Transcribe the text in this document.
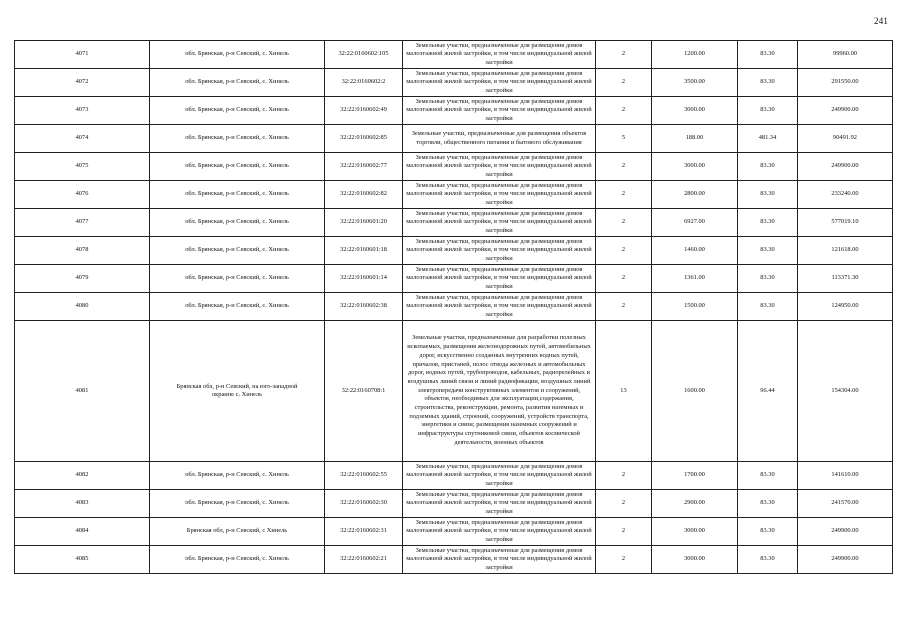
241
4071	обл. Брянская, р-н Севский, с. Хинель	32:22:0160602:105	Земельные участки, предназначенные для размещения домов малоэтажной жилой застройки, в том числе индивидуальной жилой застройки	2	1200.00	83.30	99960.00
4072	обл. Брянская, р-н Севский, с. Хинель	32:22:0160602:2	Земельные участки, предназначенные для размещения домов малоэтажной жилой застройки, в том числе индивидуальной жилой застройки	2	3500.00	83.30	291550.00
4073	обл. Брянская, р-н Севский, с. Хинель	32:22:0160602:49	Земельные участки, предназначенные для размещения домов малоэтажной жилой застройки, в том числе индивидуальной жилой застройки	2	3000.00	83.30	249900.00
4074	обл. Брянская, р-н Севский, с. Хинель	32:22:0160602:85	Земельные участки, предназначенные для размещения объектов торговли, общественного питания и бытового обслуживания	5	188.00	481.34	90491.92
4075	обл. Брянская, р-н Севский, с. Хинель	32:22:0160602:77	Земельные участки, предназначенные для размещения домов малоэтажной жилой застройки, в том числе индивидуальной жилой застройки	2	3000.00	83.30	249900.00
4076	обл. Брянская, р-н Севский, с. Хинель	32:22:0160602:82	Земельные участки, предназначенные для размещения домов малоэтажной жилой застройки, в том числе индивидуальной жилой застройки	2	2800.00	83.30	233240.00
4077	обл. Брянская, р-н Севский, с. Хинель	32:22:0160601:20	Земельные участки, предназначенные для размещения домов малоэтажной жилой застройки, в том числе индивидуальной жилой застройки	2	6927.00	83.30	577019.10
4078	обл. Брянская, р-н Севский, с. Хинель	32:22:0160601:18	Земельные участки, предназначенные для размещения домов малоэтажной жилой застройки, в том числе индивидуальной жилой застройки	2	1460.00	83.30	121618.00
4079	обл. Брянская, р-н Севский, с. Хинель	32:22:0160601:14	Земельные участки, предназначенные для размещения домов малоэтажной жилой застройки, в том числе индивидуальной жилой застройки	2	1361.00	83.30	113371.30
4080	обл. Брянская, р-н Севский, с. Хинель	32:22:0160602:38	Земельные участки, предназначенные для размещения домов малоэтажной жилой застройки, в том числе индивидуальной жилой застройки	2	1500.00	83.30	124950.00
4081	Брянская обл, р-н Севский, на юго-западной окраине с. Хинель	32:22:0160708:1	Земельные участки, предназначенные для разработки полезных ископаемых, размещения железнодорожных путей, автомобильных дорог, искусственно созданных внутренних водных путей, причалов, пристаней, полос отвода железных и автомобильных дорог, водных путей, трубопроводов, кабельных, радиорелейных и воздушных линий связи и линий радиофикации, воздушных линий электропередачи конструктивных элементов и сооружений, объектов, необходимых для эксплуатации,содержания, строительства, реконструкции, ремонта, развития наземных и подземных зданий, строений, сооружений, устройств транспорта, энергетики и связи; размещения наземных сооружений и инфраструктуры спутниковой связи, объектов космической деятельности, военных объектов	13	1600.00	96.44	154304.00
4082	обл. Брянская, р-н Севский, с. Хинель	32:22:0160602:55	Земельные участки, предназначенные для размещения домов малоэтажной жилой застройки, в том числе индивидуальной жилой застройки	2	1700.00	83.30	141610.00
4083	обл. Брянская, р-н Севский, с. Хинель	32:22:0160602:30	Земельные участки, предназначенные для размещения домов малоэтажной жилой застройки, в том числе индивидуальной жилой застройки	2	2900.00	83.30	241570.00
4084	Брянская обл, р-н Севский, с Хинель	32:22:0160602:31	Земельные участки, предназначенные для размещения домов малоэтажной жилой застройки, в том числе индивидуальной жилой застройки	2	3000.00	83.30	249900.00
4085	обл. Брянская, р-н Севский, с. Хинель	32:22:0160602:21	Земельные участки, предназначенные для размещения домов малоэтажной жилой застройки, в том числе индивидуальной жилой застройки	2	3000.00	83.30	249900.00
